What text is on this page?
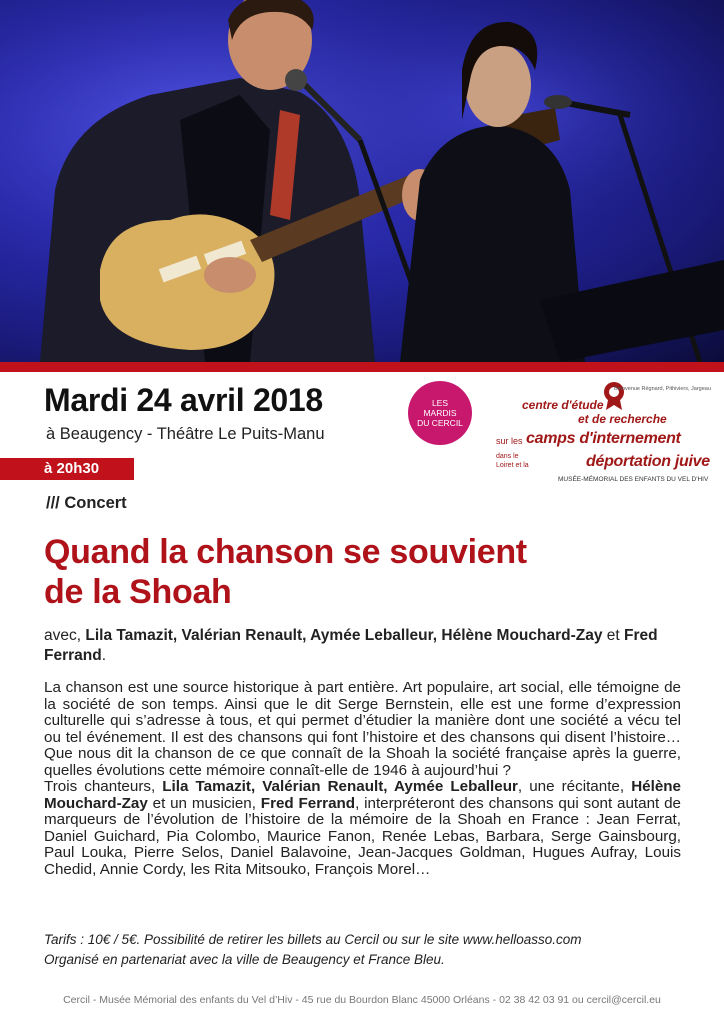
Mardi 24 avril 2018
à Beaugency - Théâtre Le Puits-Manu
à 20h30
/// Concert
LES
MARDIS
DU CERCIL
Bienvenue Régnard, Pithiviers, Jargeau
centre d'étude
et de recherche
sur les camps d'internement
dans le Loiret et la	déportation juive
MUSÉE-MÉMORIAL DES ENFANTS DU VEL D'HIV
Quand la chanson se souvient
de la Shoah
avec, Lila Tamazit, Valérian Renault, Aymée Leballeur, Hélène Mouchard-Zay et Fred Ferrand.

La chanson est une source historique à part entière. Art populaire, art social, elle témoigne de la société de son temps. Ainsi que le dit Serge Bernstein, elle est une forme d’expression culturelle qui s’adresse à tous, et qui permet d’étudier la manière dont une société a vécu tel ou tel événement. Il est des chansons qui font l’histoire et des chansons qui disent l’histoire… Que nous dit la chanson de ce que connaît de la Shoah la société française après la guerre, quelles évolutions cette mémoire connaît-elle de 1946 à aujourd’hui ?

Trois chanteurs, Lila Tamazit, Valérian Renault, Aymée Leballeur, une récitante, Hélène Mouchard-Zay et un musicien, Fred Ferrand, interpréteront des chansons qui sont autant de marqueurs de l’évolution de l’histoire de la mémoire de la Shoah en France : Jean Ferrat, Daniel Guichard, Pia Colombo, Maurice Fanon, Renée Lebas, Barbara, Serge Gainsbourg, Paul Louka, Pierre Selos, Daniel Balavoine, Jean-Jacques Goldman, Hugues Aufray, Louis Chedid, Annie Cordy, les Rita Mitsouko, François Morel…

Tarifs : 10€ / 5€. Possibilité de retirer les billets au Cercil ou sur le site www.helloasso.com
Organisé en partenariat avec la ville de Beaugency et France Bleu.
Cercil - Musée Mémorial des enfants du Vel d’Hiv - 45 rue du Bourdon Blanc 45000 Orléans - 02 38 42 03 91 ou cercil@cercil.eu
